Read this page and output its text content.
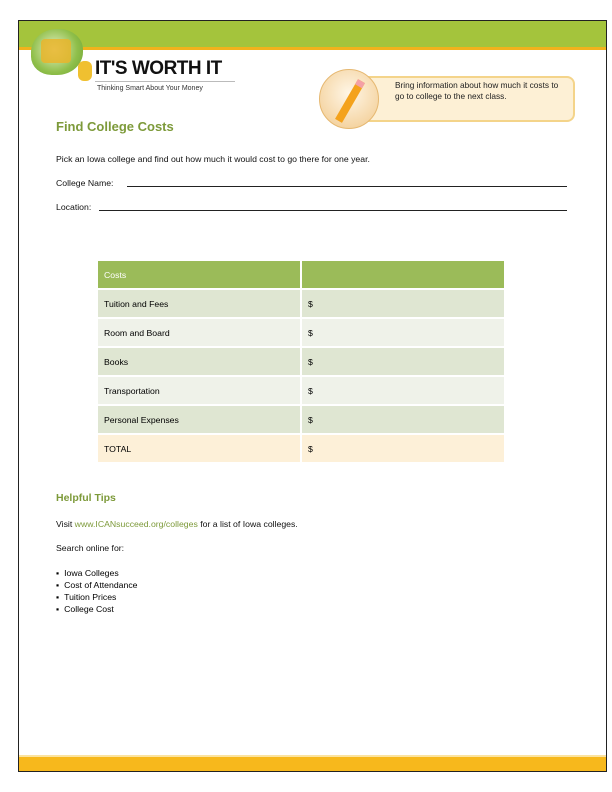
IT'S WORTH IT
Thinking Smart About Your Money	Bring information about how much it costs to go to college to the next class.
Find College Costs
Pick an Iowa college and find out how much it would cost to go there for one year.
College Name:
Location:
Costs	
Tuition and Fees	$
Room and Board	$
Books	$
Transportation	$
Personal Expenses	$
TOTAL	$
Helpful Tips
Visit www.ICANsucceed.org/colleges for a list of Iowa colleges.
Search online for:
▪ Iowa Colleges
▪ Cost of Attendance
▪ Tuition Prices
▪ College Cost
